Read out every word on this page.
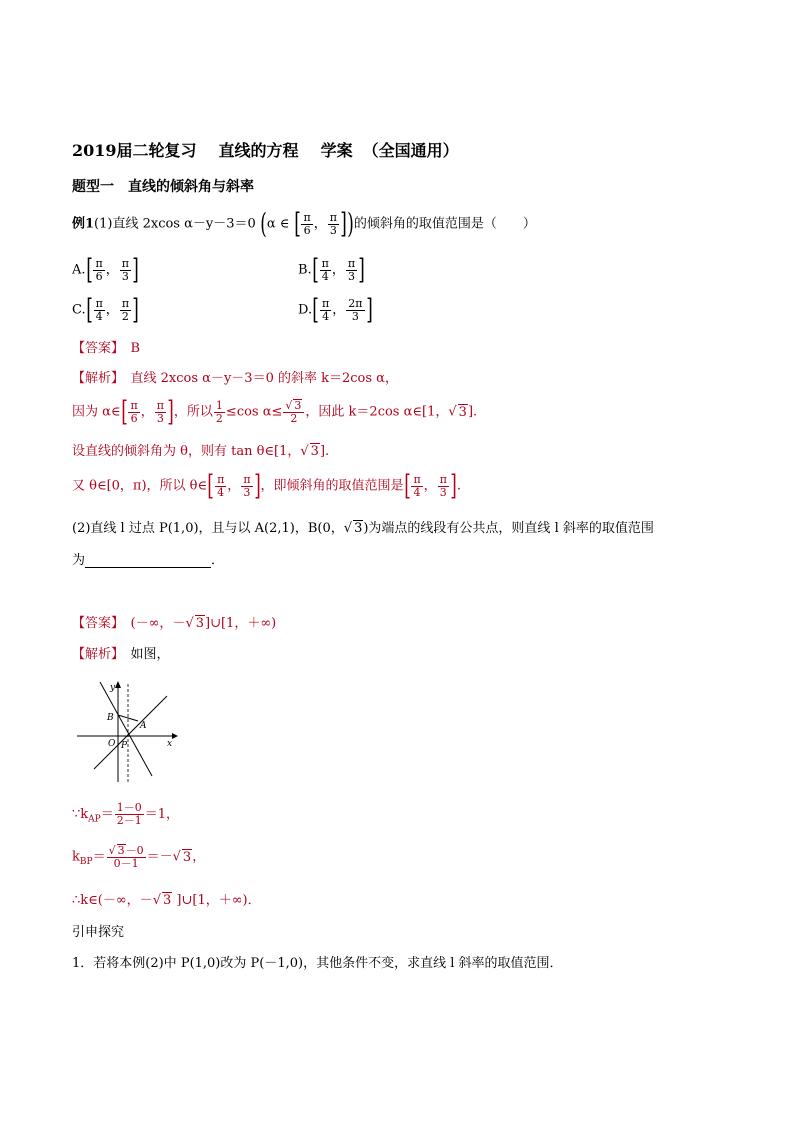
2019届二轮复习 直线的方程 学案 （全国通用）
题型一　直线的倾斜角与斜率
例1(1)直线 2xcos α－y－3＝0 (α ∈ [ $\frac{\pi}{6}$ ， $\frac{\pi}{3}$ ])的倾斜角的取值范围是（　　）
$A.[ \frac{\pi}{6}$ ， $\frac{\pi}{3}$ ]	$B.[ \frac{\pi}{4}$ ， $\frac{\pi}{3}$ ]
$C.[ \frac{\pi}{4}$ ， $\frac{\pi}{2}$ ]	$D.[ \frac{\pi}{4}$ ， $\frac{2\pi}{3}$ ]
【答案】　 B
【解析】　 直线 2xcos α－y－3＝0 的斜率 k＝2cos α，
因为 α∈[ $\frac{\pi}{6}$ ， $\frac{\pi}{3}$ ]，所以 $\frac{1}{2} \le\cos$ $\alpha\le \frac{√ 3}{2}$ ，因此 k＝2cos α∈[1，√ 3].
设直线的倾斜角为 θ，则有 tan θ∈[1，√ 3].
又 θ∈[0，π)，所以 θ∈[ $\frac{\pi}{4}$ ， $\frac{\pi}{3}$ ]，即倾斜角的取值范围是[ $\frac{\pi}{4}$ ， $\frac{\pi}{3}$ ].
(2)直线 l 过点 P(1,0)，且与以 A(2,1)，B(0，√ 3)为端点的线段有公共点，则直线 l 斜率的取值范围
为	．
【答案】　 (－∞，－√ 3]∪[1，＋∞)
【解析】　 如图，
y
x
B
A
O P
$\because k_{AP}= \frac{1-0}{2-1} =1$，
$k_{BP}= \frac{√ 3-0}{0-1}$ ＝－√ 3，
∴k∈(－∞，－√ 3 ]∪[1，＋∞)．
引申探究
1．若将本例(2)中 P(1,0)改为 P(－1,0)，其他条件不变，求直线 l 斜率的取值范围．
